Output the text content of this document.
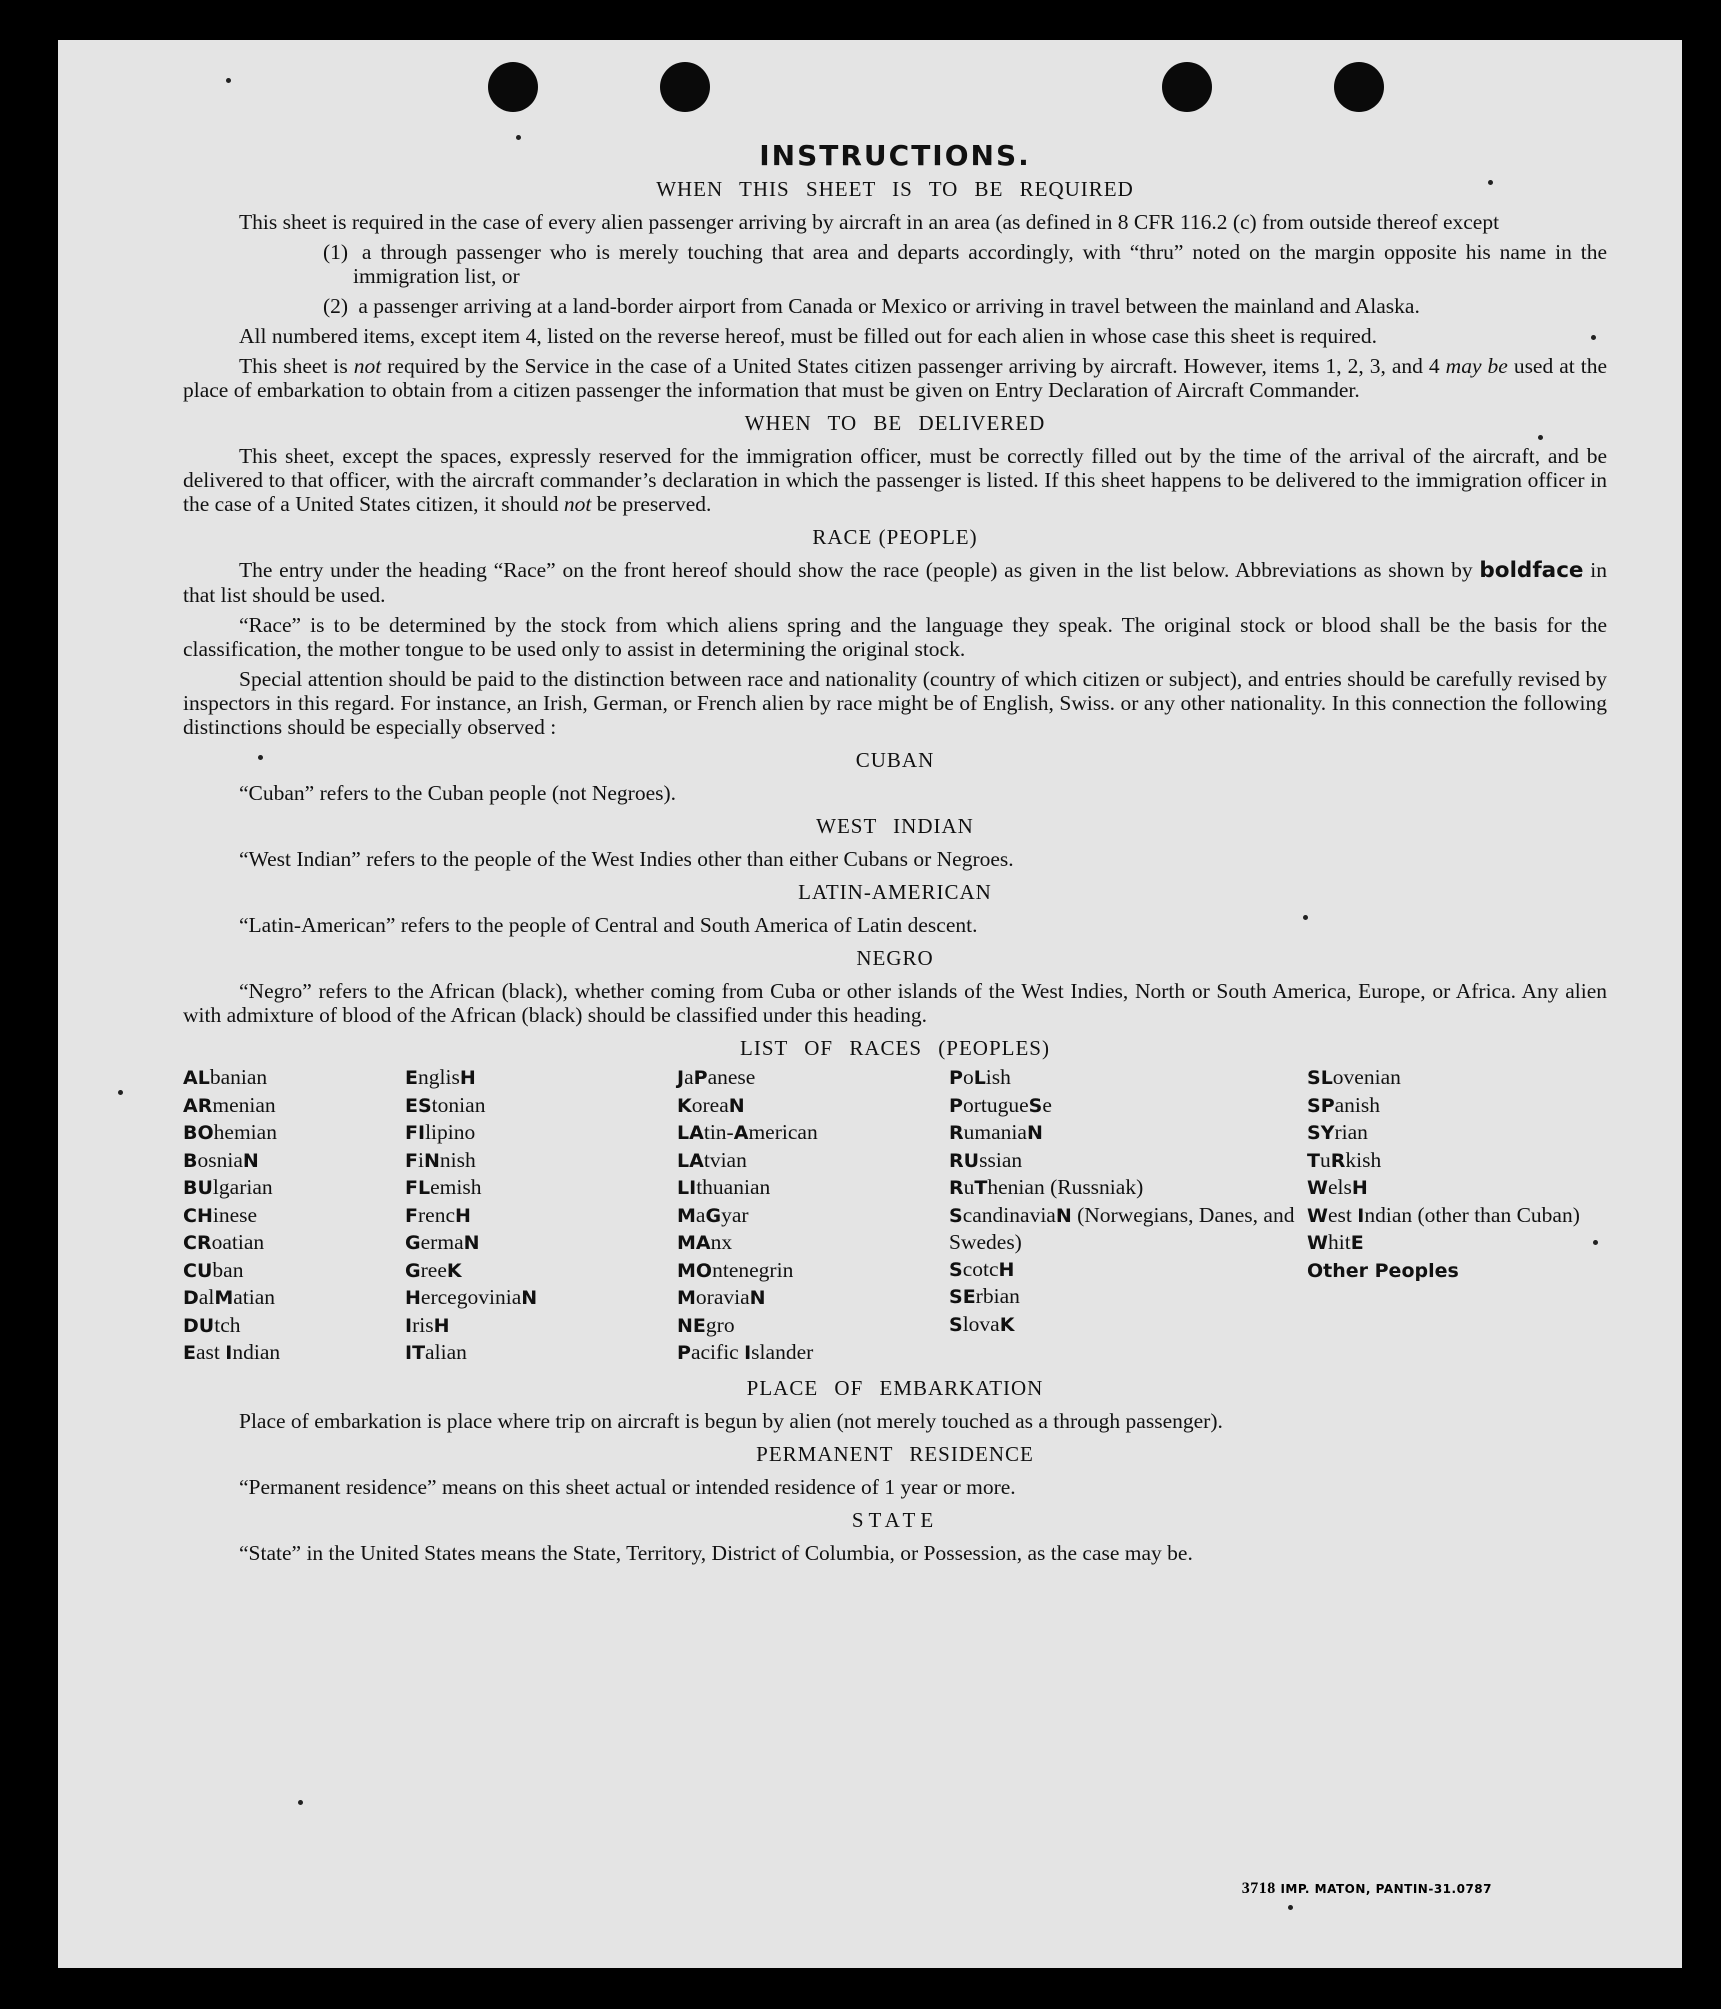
INSTRUCTIONS.
WHEN THIS SHEET IS TO BE REQUIRED

This sheet is required in the case of every alien passenger arriving by aircraft in an area (as defined in 8 CFR 116.2 (c) from outside thereof except

(1) a through passenger who is merely touching that area and departs accordingly, with “thru” noted on the margin opposite his name in the immigration list, or

(2) a passenger arriving at a land-border airport from Canada or Mexico or arriving in travel between the mainland and Alaska.

All numbered items, except item 4, listed on the reverse hereof, must be filled out for each alien in whose case this sheet is required.

This sheet is not required by the Service in the case of a United States citizen passenger arriving by aircraft. However, items 1, 2, 3, and 4 may be used at the place of embarkation to obtain from a citizen passenger the information that must be given on Entry Declaration of Aircraft Commander.

WHEN TO BE DELIVERED

This sheet, except the spaces, expressly reserved for the immigration officer, must be correctly filled out by the time of the arrival of the aircraft, and be delivered to that officer, with the aircraft commander’s declaration in which the passenger is listed. If this sheet happens to be delivered to the immigration officer in the case of a United States citizen, it should not be preserved.

RACE (PEOPLE)

The entry under the heading “Race” on the front hereof should show the race (people) as given in the list below. Abbreviations as shown by boldface in that list should be used.

“Race” is to be determined by the stock from which aliens spring and the language they speak. The original stock or blood shall be the basis for the classification, the mother tongue to be used only to assist in determining the original stock.

Special attention should be paid to the distinction between race and nationality (country of which citizen or subject), and entries should be carefully revised by inspectors in this regard. For instance, an Irish, German, or French alien by race might be of English, Swiss. or any other nationality. In this connection the following distinctions should be especially observed :

CUBAN

“Cuban” refers to the Cuban people (not Negroes).

WEST INDIAN

“West Indian” refers to the people of the West Indies other than either Cubans or Negroes.

LATIN-AMERICAN

“Latin-American” refers to the people of Central and South America of Latin descent.

NEGRO

“Negro” refers to the African (black), whether coming from Cuba or other islands of the West Indies, North or South America, Europe, or Africa. Any alien with admixture of blood of the African (black) should be classified under this heading.

LIST OF RACES (PEOPLES)
ALbanian
ARmenian
BOhemian
BosniaN
BUlgarian
CHinese
CRoatian
CUban
DalMatian
DUtch
East Indian
EnglisH
EStonian
FIlipino
FiNnish
FLemish
FrencH
GermaN
GreeK
HercegoviniaN
IrisH
ITalian
JaPanese
KoreaN
LAtin-American
LAtvian
LIthuanian
MaGyar
MAnx
MOntenegrin
MoraviaN
NEgro
Pacific Islander
PoLish
PortugueSe
RumaniaN
RUssian
RuThenian (Russniak)
ScandinaviaN (Norwegians, Danes, and Swedes)
ScotcH
SErbian
SlovaK
SLovenian
SPanish
SYrian
TuRkish
WelsH
West Indian (other than Cuban)
WhitE
Other Peoples
PLACE OF EMBARKATION

Place of embarkation is place where trip on aircraft is begun by alien (not merely touched as a through passenger).

PERMANENT RESIDENCE

“Permanent residence” means on this sheet actual or intended residence of 1 year or more.

STATE

“State” in the United States means the State, Territory, District of Columbia, or Possession, as the case may be.

3718 IMP. MATON, PANTIN-31.0787
